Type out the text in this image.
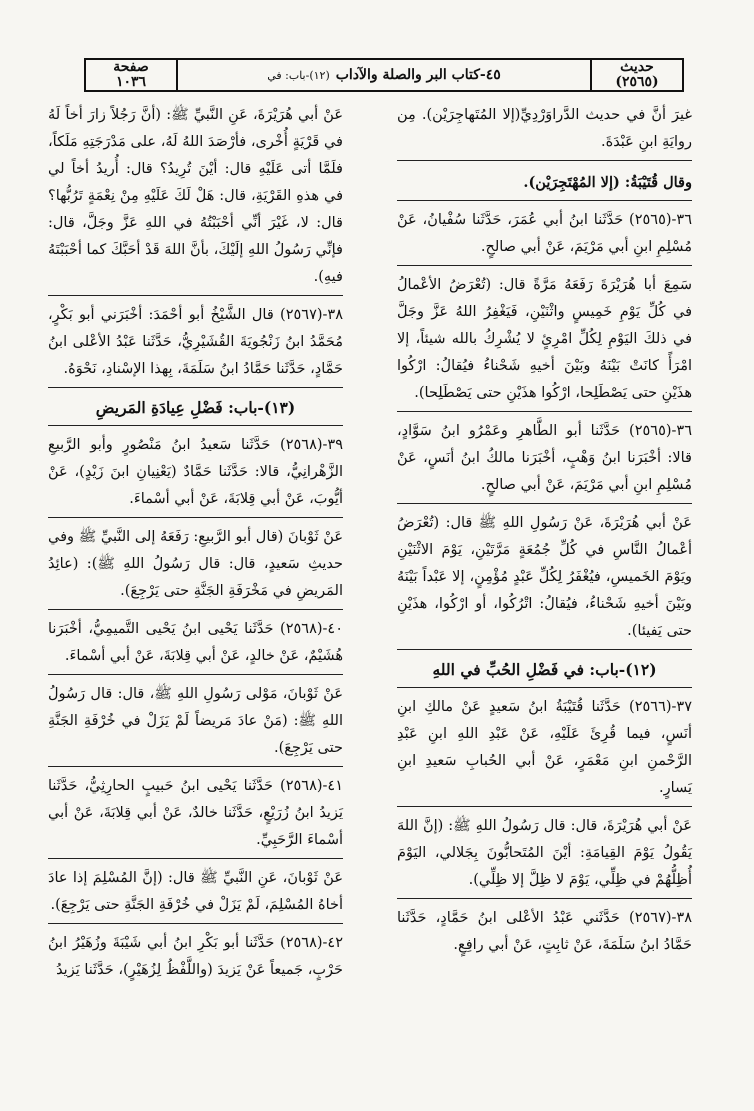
حديث
(٢٥٦٥)
٤٥-كتاب البر والصلة والآداب
(١٢)-باب: في
صفحة
١٠٣٦

غيرَ أنَّ في حديث الدَّراوَرْدِيِّ(إلا المُتَهاجِرَيْن). مِن روايَةِ ابنِ عَبْدَةَ.

وقال قُتَيْبَةُ: (إلا المُهْتَجِرَيْن).

٣٦-(٢٥٦٥) حَدَّثَنا ابنُ أبي عُمَرَ، حَدَّثَنا سُفْيانُ، عَنْ مُسْلِمِ ابنِ أبي مَرْيَمَ، عَنْ أبي صالحٍ.

سَمِعَ أبا هُرَيْرَةَ رَفَعَهُ مَرَّةً قال: (تُعْرَضُ الأعْمالُ في كُلِّ يَوْمِ خَمِيسٍ واثْنَيْنِ، فَيَغْفِرُ اللهُ عَزَّ وجَلَّ في ذلكَ اليَوْمِ لِكُلِّ امْرِئٍ لا يُشْرِكُ بالله شيئاً، إلا امْرَأً كانَتْ بَيْنَهُ وبَيْنَ أخيهِ شَحْناءُ فيُقالُ: ارْكُوا هذَيْنِ حتى يَصْطَلِحا، ارْكُوا هذَيْنِ حتى يَصْطَلِحا).

٣٦-(٢٥٦٥) حَدَّثَنا أبو الطَّاهرِ وعَمْرُو ابنُ سَوَّادٍ، قالا: أخْبَرَنا ابنُ وَهْبٍ، أخْبَرَنا مالكُ ابنُ أنَسٍ، عَنْ مُسْلِمِ ابنِ أبي مَرْيَمَ، عَنْ أبي صالحٍ.

عَنْ أبي هُرَيْرَةَ، عَنْ رَسُولِ اللهِ ﷺ قال: (تُعْرَضُ أعْمالُ النَّاسِ في كُلِّ جُمُعَةٍ مَرَّتَيْنِ، يَوْمَ الاثْنَيْنِ ويَوْمَ الخَميسِ، فيُغْفَرُ لِكُلِّ عَبْدٍ مُؤْمِنٍ، إلا عَبْداً بَيْنَهُ وبَيْنَ أخيهِ شَحْناءُ، فيُقالُ: اتْرُكُوا، أو ارْكُوا، هذَيْنِ حتى يَفيئا).

(١٢)-باب: في فَضْلِ الحُبِّ في اللهِ

٣٧-(٢٥٦٦) حَدَّثَنا قُتَيْبَةُ ابنُ سَعيدٍ عَنْ مالكِ ابنِ أنَسٍ، فيما قُرِئَ عَلَيْهِ، عَنْ عَبْدِ اللهِ ابنِ عَبْدِ الرَّحْمنِ ابنِ مَعْمَرٍ، عَنْ أبي الحُبابِ سَعيدِ ابنِ يَسارٍ.

عَنْ أبي هُرَيْرَةَ، قال: قال رَسُولُ اللهِ ﷺ: (إنَّ اللهَ يَقُولُ يَوْمَ القِيامَةِ: أيْنَ المُتَحابُّونَ بِجَلالي، اليَوْمَ أُظِلُّهُمْ في ظِلِّي، يَوْمَ لا ظِلَّ إلا ظِلِّي).

٣٨-(٢٥٦٧) حَدَّثَني عَبْدُ الأعْلى ابنُ حَمَّادٍ، حَدَّثَنا حَمَّادُ ابنُ سَلَمَةَ، عَنْ ثابِتٍ، عَنْ أبي رافِعٍ.

عَنْ أبي هُرَيْرَةَ، عَنِ النَّبيِّ ﷺ: (أنَّ رَجُلاً زارَ أخاً لَهُ في قَرْيَةٍ أُخْرى، فأرْصَدَ اللهُ لَهُ، على مَدْرَجَتِهِ مَلَكاً، فلَمَّا أتى عَلَيْهِ قال: أيْنَ تُرِيدُ؟ قال: أُريدُ أخاً لي في هذهِ القَرْيَةِ، قال: هَلْ لَكَ عَلَيْهِ مِنْ نِعْمَةٍ تَرُبُّها؟ قال: لا، غَيْرَ أنِّي أحْبَبْتُهُ في اللهِ عَزَّ وجَلَّ، قال: فإنِّي رَسُولُ اللهِ إلَيْكَ، بأنَّ اللهَ قَدْ أحَبَّكَ كما أحْبَبْتَهُ فيهِ).

٣٨-(٢٥٦٧) قال الشَّيْخُ أبو أحْمَدَ: أخْبَرَني أبو بَكْرٍ، مُحَمَّدُ ابنُ زَنْجُويَةَ القُشَيْرِيُّ، حَدَّثَنا عَبْدُ الأعْلى ابنُ حَمَّادٍ، حَدَّثَنا حَمَّادُ ابنُ سَلَمَةَ، بِهذا الإسْنادِ، نَحْوَهُ.

(١٣)-باب: فَضْلِ عِيادَةِ المَريضِ

٣٩-(٢٥٦٨) حَدَّثَنا سَعيدُ ابنُ مَنْصُورٍ وأبو الرَّبيعِ الزَّهْرانِيُّ، قالا: حَدَّثَنا حَمَّادٌ (يَعْنِيانِ ابنَ زَيْدٍ)، عَنْ أيُّوبَ، عَنْ أبي قِلابَةَ، عَنْ أبي أسْماءَ.

عَنْ ثَوْبانَ (قال أبو الرَّبيعِ: رَفَعَهُ إلى النَّبيِّ ﷺ وفي حديثِ سَعيدٍ، قال: قال رَسُولُ اللهِ ﷺ): (عائِدُ المَريضِ في مَخْرَفَةِ الجَنَّةِ حتى يَرْجِعَ).

٤٠-(٢٥٦٨) حَدَّثَنا يَحْيى ابنُ يَحْيى التَّميمِيُّ، أخْبَرَنا هُشَيْمٌ، عَنْ خالدٍ، عَنْ أبي قِلابَةَ، عَنْ أبي أسْماءَ.

عَنْ ثَوْبانَ، مَوْلى رَسُولِ اللهِ ﷺ، قال: قال رَسُولُ اللهِ ﷺ: (مَنْ عادَ مَريضاً لَمْ يَزَلْ في خُرْفَةِ الجَنَّةِ حتى يَرْجِعَ).

٤١-(٢٥٦٨) حَدَّثَنا يَحْيى ابنُ حَبيبٍ الحارِثِيُّ، حَدَّثَنا يَزيدُ ابنُ زُرَيْعٍ، حَدَّثَنا خالدٌ، عَنْ أبي قِلابَةَ، عَنْ أبي أسْماءَ الرَّحَبِيِّ.

عَنْ ثَوْبانَ، عَنِ النَّبيِّ ﷺ قال: (إنَّ المُسْلِمَ إذا عادَ أخاهُ المُسْلِمَ، لَمْ يَزَلْ في خُرْفَةِ الجَنَّةِ حتى يَرْجِعَ).

٤٢-(٢٥٦٨) حَدَّثَنا أبو بَكْرِ ابنُ أبي شَيْبَةَ وزُهَيْرُ ابنُ حَرْبٍ، جَميعاً عَنْ يَزيدَ (واللَّفْظُ لِزُهَيْرٍ)، حَدَّثَنا يَزيدُ
